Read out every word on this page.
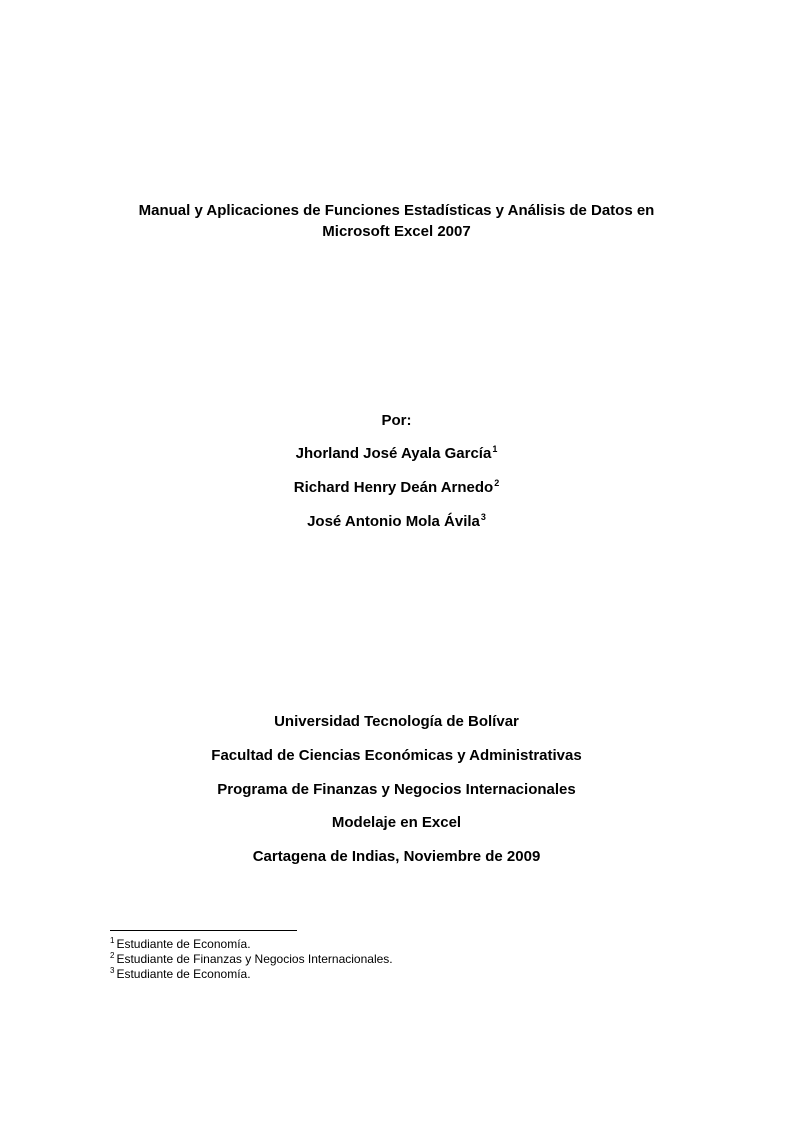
Manual y Aplicaciones de Funciones Estadísticas y Análisis de Datos en
Microsoft Excel 2007
Por:
Jhorland José Ayala García$^1$
Richard Henry Deán Arnedo$^2$
José Antonio Mola Ávila$^3$
Universidad Tecnología de Bolívar
Facultad de Ciencias Económicas y Administrativas
Programa de Finanzas y Negocios Internacionales
Modelaje en Excel
Cartagena de Indias, Noviembre de 2009
$^1$ Estudiante de Economía.
$^2$ Estudiante de Finanzas y Negocios Internacionales.
$^3$ Estudiante de Economía.
